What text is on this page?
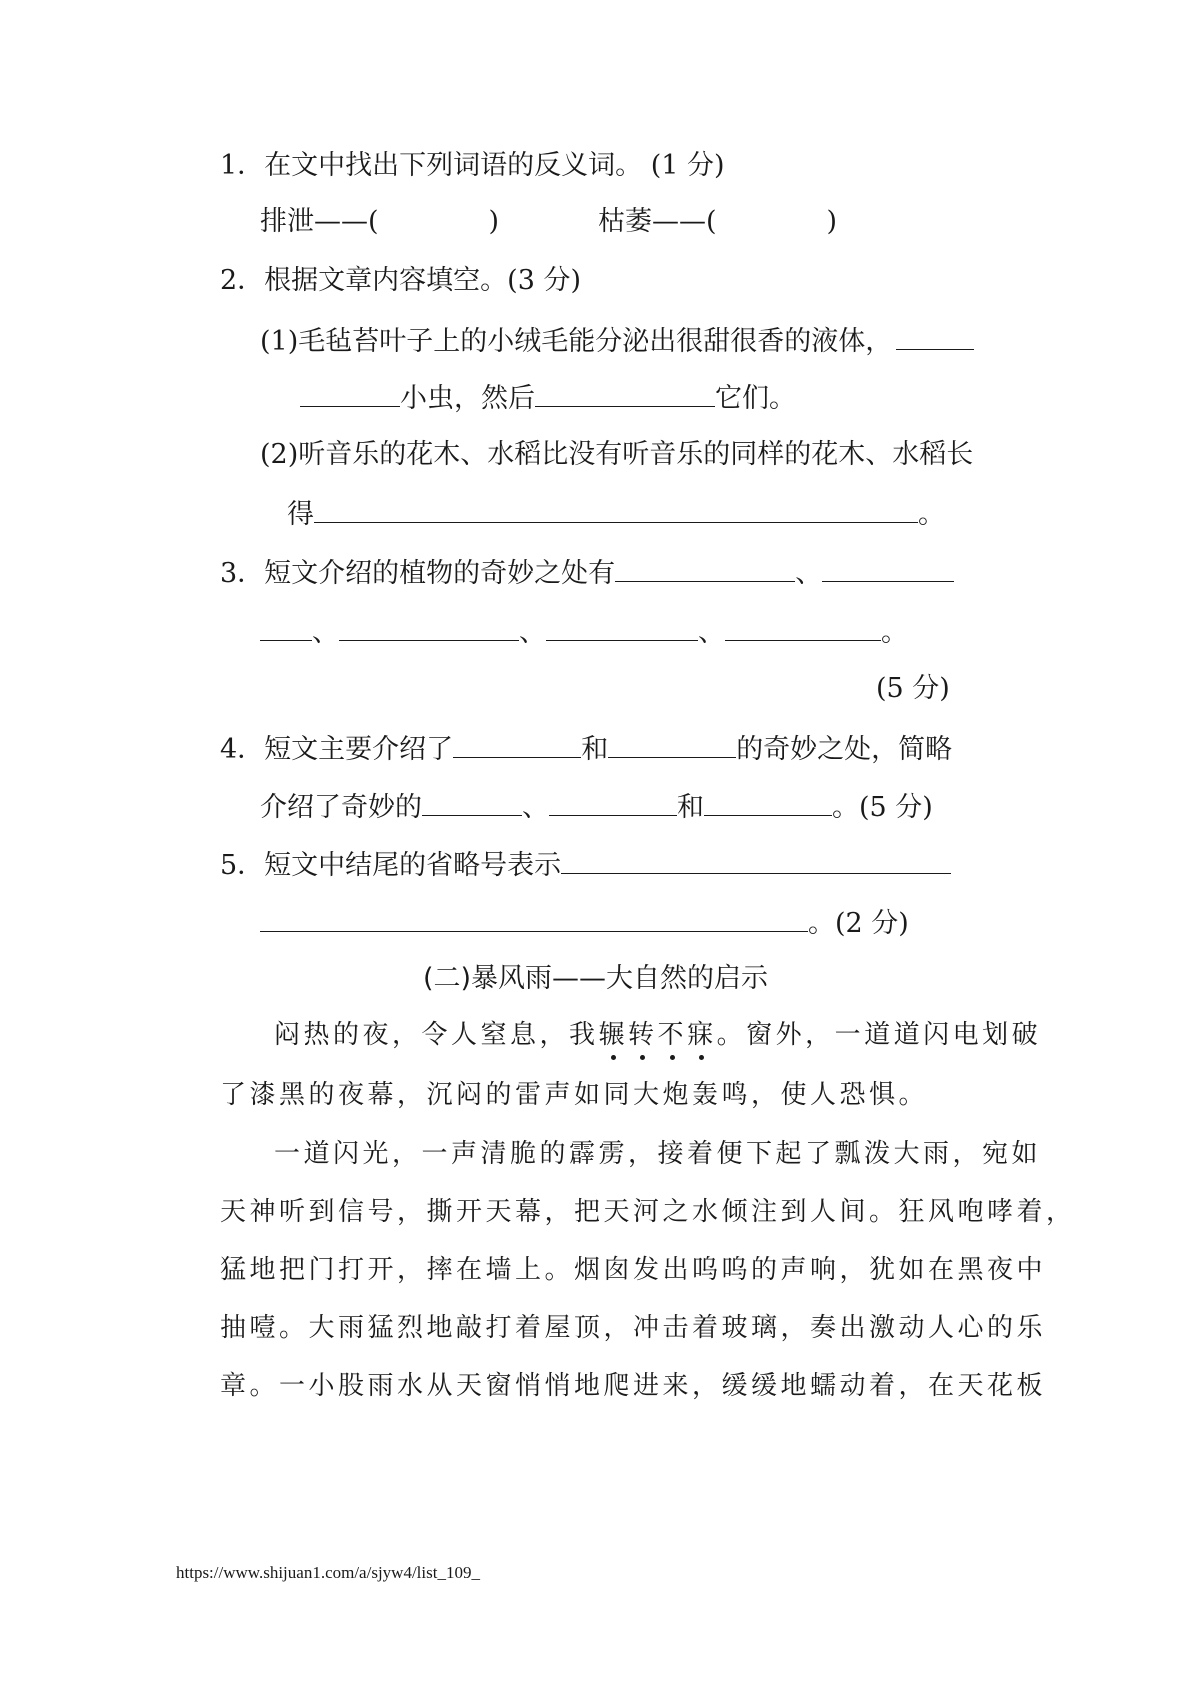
1．在文中找出下列词语的反义词。 (1 分)
排泄——(	)	枯萎——(	)
2．根据文章内容填空。(3 分)
(1)毛毡苔叶子上的小绒毛能分泌出很甜很香的液体，
小虫，然后	它们。
(2)听音乐的花木、水稻比没有听音乐的同样的花木、水稻长
得	。
3．短文介绍的植物的奇妙之处有	、
、	、	、	。
(5 分)
4．短文主要介绍了	和	的奇妙之处，简略
介绍了奇妙的	、	和	。(5 分)
5．短文中结尾的省略号表示
。(2 分)
(二)暴风雨——大自然的启示
闷热的夜，令人窒息，我辗转不寐。窗外，一道道闪电划破
了漆黑的夜幕，沉闷的雷声如同大炮轰鸣，使人恐惧。
一道闪光，一声清脆的霹雳，接着便下起了瓢泼大雨，宛如
天神听到信号，撕开天幕，把天河之水倾注到人间。狂风咆哮着，
猛地把门打开，摔在墙上。烟囱发出呜呜的声响，犹如在黑夜中
抽噎。大雨猛烈地敲打着屋顶，冲击着玻璃，奏出激动人心的乐
章。一小股雨水从天窗悄悄地爬进来，缓缓地蠕动着，在天花板
https://www.shijuan1.com/a/sjyw4/list_109_
